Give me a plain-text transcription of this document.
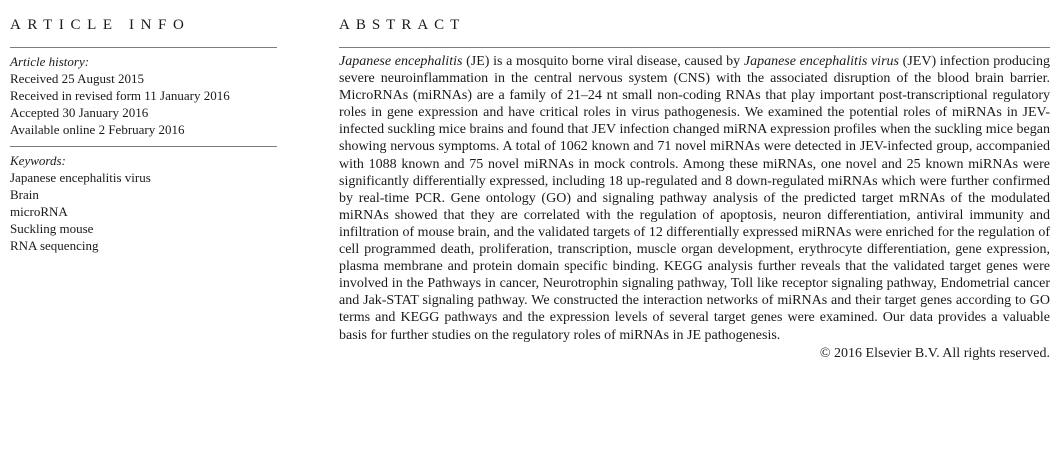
ARTICLE INFO
Article history:
Received 25 August 2015
Received in revised form 11 January 2016
Accepted 30 January 2016
Available online 2 February 2016
Keywords:
Japanese encephalitis virus
Brain
microRNA
Suckling mouse
RNA sequencing
ABSTRACT

Japanese encephalitis (JE) is a mosquito borne viral disease, caused by Japanese encephalitis virus (JEV) infection producing severe neuroinflammation in the central nervous system (CNS) with the associated disruption of the blood brain barrier. MicroRNAs (miRNAs) are a family of 21–24 nt small non-coding RNAs that play important post-transcriptional regulatory roles in gene expression and have critical roles in virus pathogenesis. We examined the potential roles of miRNAs in JEV-infected suckling mice brains and found that JEV infection changed miRNA expression profiles when the suckling mice began showing nervous symptoms. A total of 1062 known and 71 novel miRNAs were detected in JEV-infected group, accompanied with 1088 known and 75 novel miRNAs in mock controls. Among these miRNAs, one novel and 25 known miRNAs were significantly differentially expressed, including 18 up-regulated and 8 down-regulated miRNAs which were further confirmed by real-time PCR. Gene ontology (GO) and signaling pathway analysis of the predicted target mRNAs of the modulated miRNAs showed that they are correlated with the regulation of apoptosis, neuron differentiation, antiviral immunity and infiltration of mouse brain, and the validated targets of 12 differentially expressed miRNAs were enriched for the regulation of cell programmed death, proliferation, transcription, muscle organ development, erythrocyte differentiation, gene expression, plasma membrane and protein domain specific binding. KEGG analysis further reveals that the validated target genes were involved in the Pathways in cancer, Neurotrophin signaling pathway, Toll like receptor signaling pathway, Endometrial cancer and Jak-STAT signaling pathway. We constructed the interaction networks of miRNAs and their target genes according to GO terms and KEGG pathways and the expression levels of several target genes were examined. Our data provides a valuable basis for further studies on the regulatory roles of miRNAs in JE pathogenesis.

© 2016 Elsevier B.V. All rights reserved.
